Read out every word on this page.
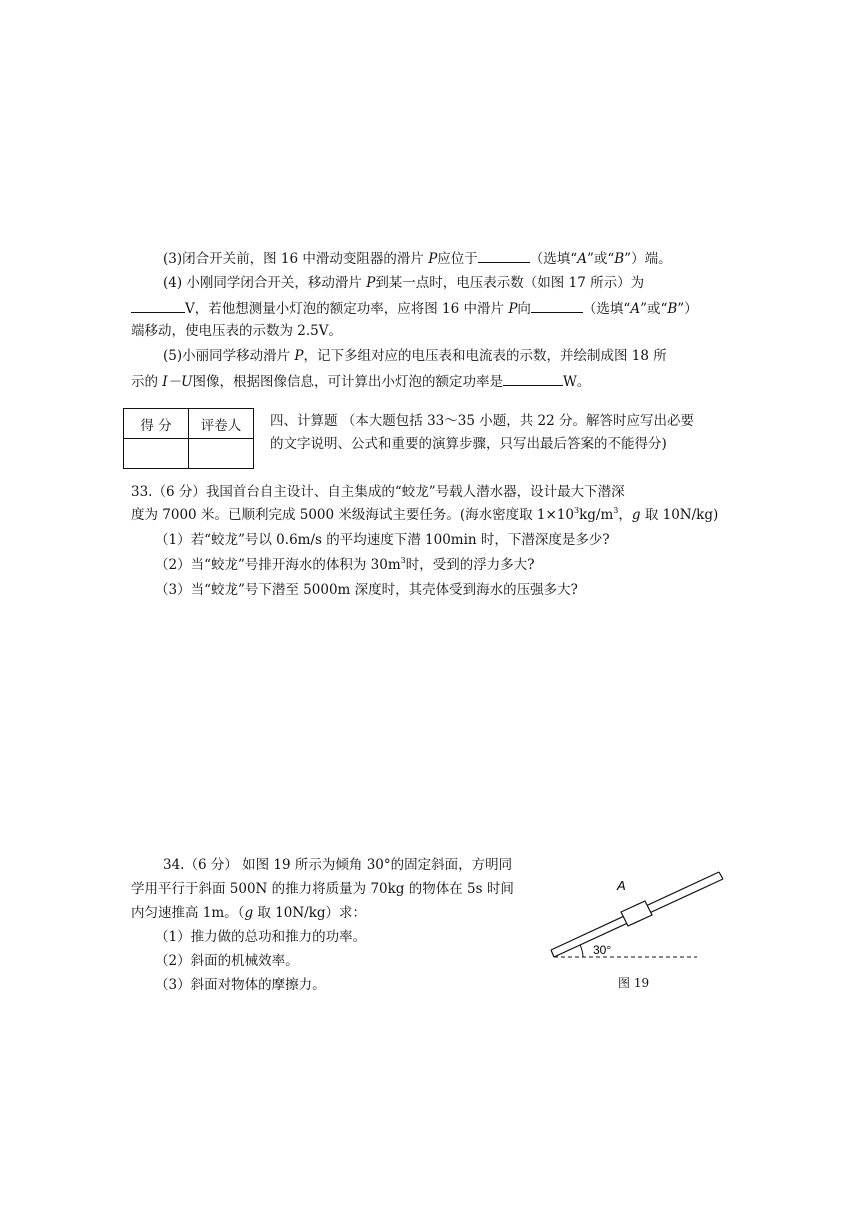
(3)闭合开关前，图 16 中滑动变阻器的滑片 P应位于	（选填“A”或“B”）端。
(4) 小刚同学闭合开关，移动滑片 P到某一点时，电压表示数（如图 17 所示）为
V，若他想测量小灯泡的额定功率，应将图 16 中滑片 P向	（选填“A”或“B”）
端移动，使电压表的示数为 2.5V。
(5)小丽同学移动滑片 P，记下多组对应的电压表和电流表的示数，并绘制成图 18 所
示的 I－U图像，根据图像信息，可计算出小灯泡的额定功率是	W。
得 分	评卷人
	四、计算题 （本大题包括 33～35 小题，共 22 分。解答时应写出必要
的文字说明、公式和重要的演算步骤，只写出最后答案的不能得分)
33.（6 分）我国首台自主设计、自主集成的“蛟龙”号载人潜水器，设计最大下潜深
度为 7000 米。已顺利完成 5000 米级海试主要任务。(海水密度取 $1\times 10^3kg/m^3$，g 取 10N/kg)
（1）若“蛟龙”号以 0.6m/s 的平均速度下潜 100min 时，下潜深度是多少?
（2）当“蛟龙”号排开海水的体积为 $30m^3$时，受到的浮力多大?
（3）当“蛟龙”号下潜至 5000m 深度时，其壳体受到海水的压强多大?
34.（6 分） 如图 19 所示为倾角 30°的固定斜面，方明同
学用平行于斜面 500N 的推力将质量为 70kg 的物体在 5s 时间
内匀速推高 1m。（g 取 10N/kg）求：
（1）推力做的总功和推力的功率。
（2）斜面的机械效率。
（3）斜面对物体的摩擦力。
A
30°
图 19
